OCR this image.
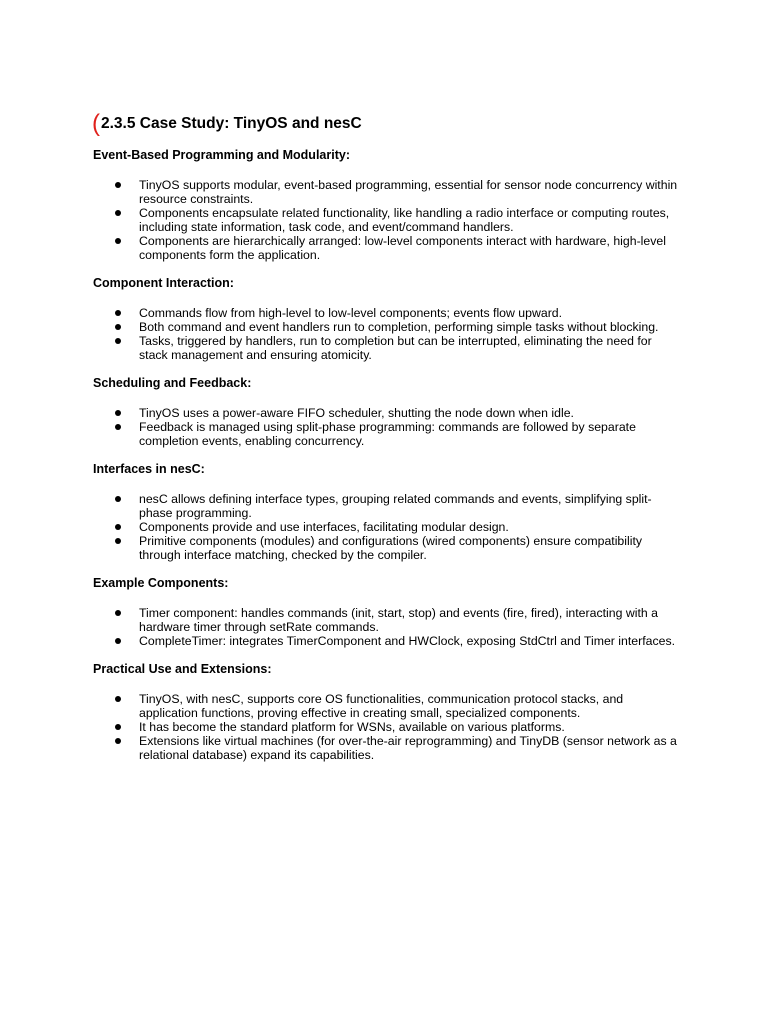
( 2.3.5 Case Study: TinyOS and nesC
Event-Based Programming and Modularity:
TinyOS supports modular, event-based programming, essential for sensor node concurrency within resource constraints.
Components encapsulate related functionality, like handling a radio interface or computing routes, including state information, task code, and event/command handlers.
Components are hierarchically arranged: low-level components interact with hardware, high-level components form the application.
Component Interaction:
Commands flow from high-level to low-level components; events flow upward.
Both command and event handlers run to completion, performing simple tasks without blocking.
Tasks, triggered by handlers, run to completion but can be interrupted, eliminating the need for stack management and ensuring atomicity.
Scheduling and Feedback:
TinyOS uses a power-aware FIFO scheduler, shutting the node down when idle.
Feedback is managed using split-phase programming: commands are followed by separate completion events, enabling concurrency.
Interfaces in nesC:
nesC allows defining interface types, grouping related commands and events, simplifying split-phase programming.
Components provide and use interfaces, facilitating modular design.
Primitive components (modules) and configurations (wired components) ensure compatibility through interface matching, checked by the compiler.
Example Components:
Timer component: handles commands (init, start, stop) and events (fire, fired), interacting with a hardware timer through setRate commands.
CompleteTimer: integrates TimerComponent and HWClock, exposing StdCtrl and Timer interfaces.
Practical Use and Extensions:
TinyOS, with nesC, supports core OS functionalities, communication protocol stacks, and application functions, proving effective in creating small, specialized components.
It has become the standard platform for WSNs, available on various platforms.
Extensions like virtual machines (for over-the-air reprogramming) and TinyDB (sensor network as a relational database) expand its capabilities.
